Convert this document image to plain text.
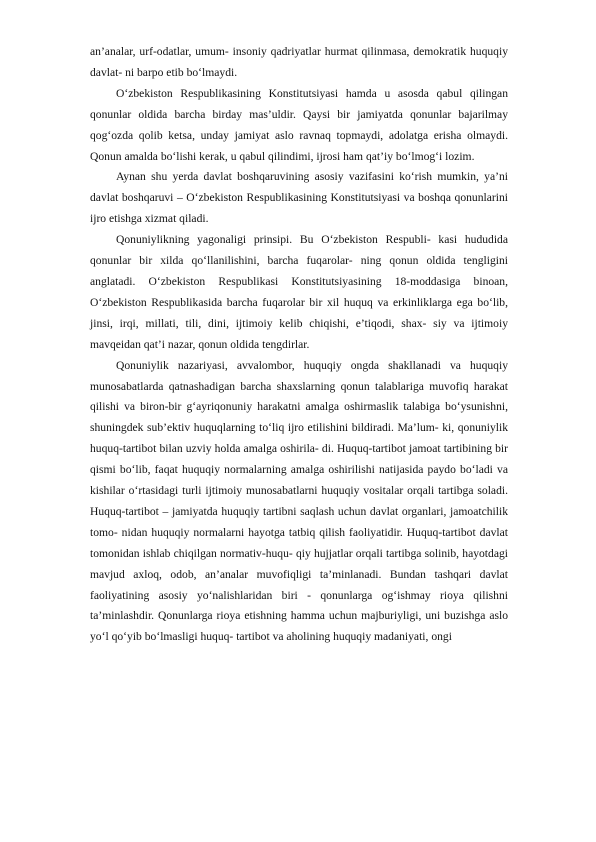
an’analar, urf-odatlar, umum- insoniy qadriyatlar hurmat qilinmasa, demokratik huquqiy davlat- ni barpo etib bo‘lmaydi.

O‘zbekiston Respublikasining Konstitutsiyasi hamda u asosda qabul qilingan qonunlar oldida barcha birday mas’uldir. Qaysi bir jamiyatda qonunlar bajarilmay qog‘ozda qolib ketsa, unday jamiyat aslo ravnaq topmaydi, adolatga erisha olmaydi. Qonun amalda bo‘lishi kerak, u qabul qilindimi, ijrosi ham qat’iy bo‘lmog‘i lozim.

Aynan shu yerda davlat boshqaruvining asosiy vazifasini ko‘rish mumkin, ya’ni davlat boshqaruvi – O‘zbekiston Respublikasining Konstitutsiyasi va boshqa qonunlarini ijro etishga xizmat qiladi.

Qonuniylikning yagonaligi prinsipi. Bu O‘zbekiston Respubli- kasi hududida qonunlar bir xilda qo‘llanilishini, barcha fuqarolar- ning qonun oldida tengligini anglatadi. O‘zbekiston Respublikasi Konstitutsiyasining 18-moddasiga binoan, O‘zbekiston Respublikasida barcha fuqarolar bir xil huquq va erkinliklarga ega bo‘lib, jinsi, irqi, millati, tili, dini, ijtimoiy kelib chiqishi, e’tiqodi, shax- siy va ijtimoiy mavqeidan qat’i nazar, qonun oldida tengdirlar.

Qonuniylik nazariyasi, avvalombor, huquqiy ongda shakllanadi va huquqiy munosabatlarda qatnashadigan barcha shaxslarning qonun talablariga muvofiq harakat qilishi va biron-bir g‘ayriqonuniy harakatni amalga oshirmaslik talabiga bo‘ysunishni, shuningdek sub’ektiv huquqlarning to‘liq ijro etilishini bildiradi. Ma’lum- ki, qonuniylik huquq-tartibot bilan uzviy holda amalga oshirila- di. Huquq-tartibot jamoat tartibining bir qismi bo‘lib, faqat huquqiy normalarning amalga oshirilishi natijasida paydo bo‘ladi va kishilar o‘rtasidagi turli ijtimoiy munosabatlarni huquqiy vositalar orqali tartibga soladi. Huquq-tartibot – jamiyatda huquqiy tartibni saqlash uchun davlat organlari, jamoatchilik tomo- nidan huquqiy normalarni hayotga tatbiq qilish faoliyatidir. Huquq-tartibot davlat tomonidan ishlab chiqilgan normativ-huqu- qiy hujjatlar orqali tartibga solinib, hayotdagi mavjud axloq, odob, an’analar muvofiqligi ta’minlanadi. Bundan tashqari davlat faoliyatining asosiy yo‘nalishlaridan biri - qonunlarga og‘ishmay rioya qilishni ta’minlashdir. Qonunlarga rioya etishning hamma uchun majburiyligi, uni buzishga aslo yo‘l qo‘yib bo‘lmasligi huquq- tartibot va aholining huquqiy madaniyati, ongi
